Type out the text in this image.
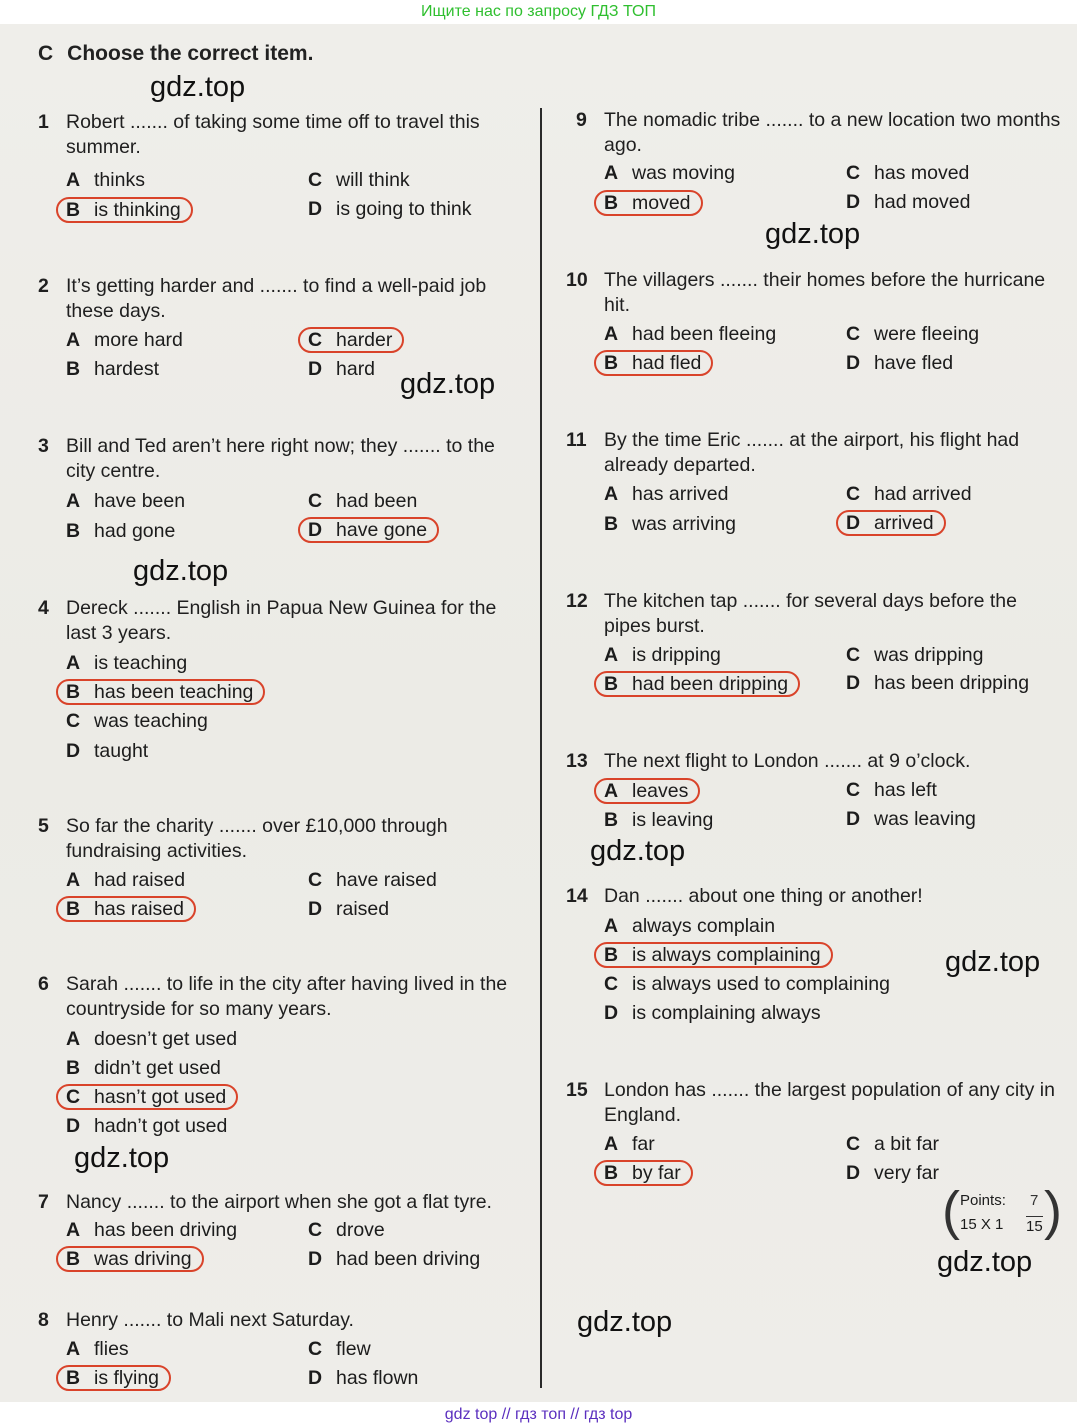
Ищите нас по запросу ГДЗ ТОП
C Choose the correct item.
1 Robert ....... of taking some time off to travel this summer.
A thinks
B is thinking
C will think
D is going to think
2 It’s getting harder and ....... to find a well-paid job these days.
A more hard
B hardest
C harder
D hard
3 Bill and Ted aren’t here right now; they ....... to the city centre.
A have been
B had gone
C had been
D have gone
4 Dereck ....... English in Papua New Guinea for the last 3 years.
A is teaching
B has been teaching
C was teaching
D taught
5 So far the charity ....... over £10,000 through fundraising activities.
A had raised
B has raised
C have raised
D raised
6 Sarah ....... to life in the city after having lived in the countryside for so many years.
A doesn’t get used
B didn’t get used
C hasn’t got used
D hadn’t got used
7 Nancy ....... to the airport when she got a flat tyre.
A has been driving
B was driving
C drove
D had been driving
8 Henry ....... to Mali next Saturday.
A flies
B is flying
C flew
D has flown
9 The nomadic tribe ....... to a new location two months ago.
A was moving
B moved
C has moved
D had moved
10 The villagers ....... their homes before the hurricane hit.
A had been fleeing
B had fled
C were fleeing
D have fled
11 By the time Eric ....... at the airport, his flight had already departed.
A has arrived
B was arriving
C had arrived
D arrived
12 The kitchen tap ....... for several days before the pipes burst.
A is dripping
B had been dripping
C was dripping
D has been dripping
13 The next flight to London ....... at 9 o’clock.
A leaves
B is leaving
C has left
D was leaving
14 Dan ....... about one thing or another!
A always complain
B is always complaining
C is always used to complaining
D is complaining always
15 London has ....... the largest population of any city in England.
A far
B by far
C a bit far
D very far
( Points:
15 X 1
7
15 )
gdz.top
gdz.top
gdz.top
gdz.top
gdz.top
gdz.top
gdz.top
gdz.top
gdz.top
gdz top // гдз топ // гдз top
